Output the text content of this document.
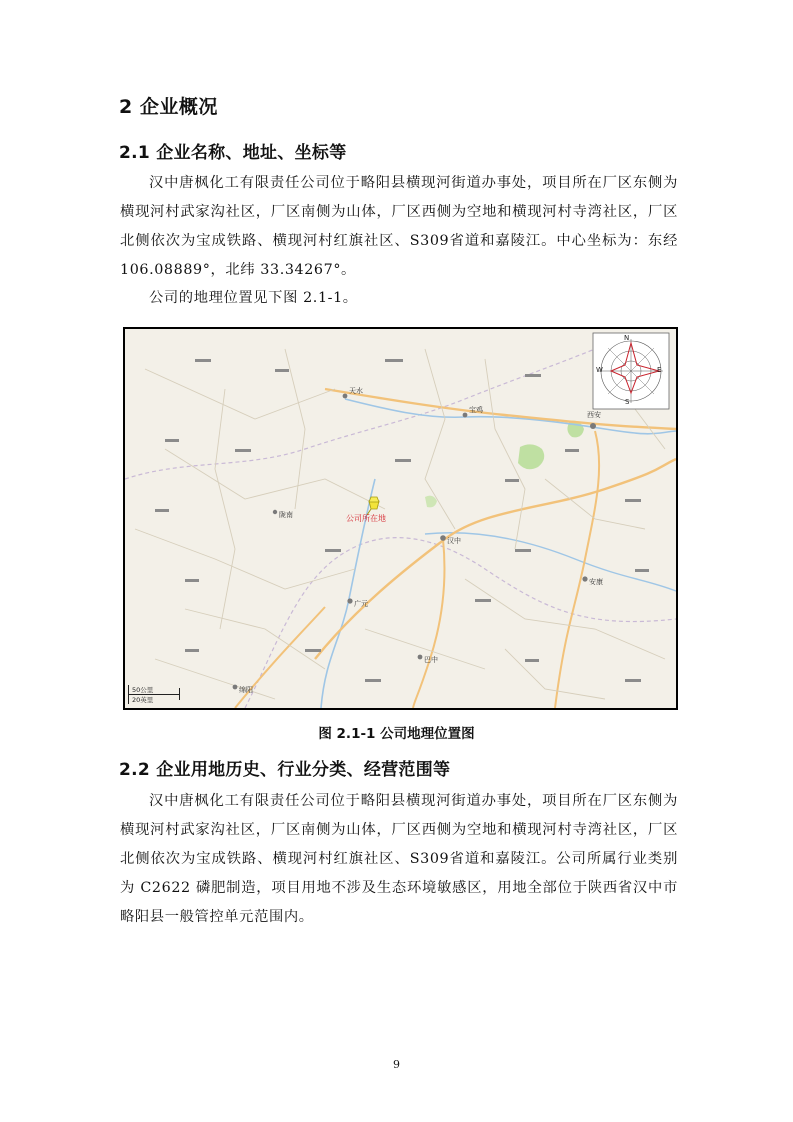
2 企业概况
2.1 企业名称、地址、坐标等
汉中唐枫化工有限责任公司位于略阳县横现河街道办事处，项目所在厂区东侧为横现河村武家沟社区，厂区南侧为山体，厂区西侧为空地和横现河村寺湾社区，厂区北侧依次为宝成铁路、横现河村红旗社区、S309省道和嘉陵江。中心坐标为：东经 106.08889°，北纬 33.34267°。
公司的地理位置见下图 2.1-1。
天水
宝鸡
西安
汉中
安康
广元
巴中
陇南
绵阳
公司所在地
N
S
E
W
50公里
20英里
图 2.1-1 公司地理位置图
2.2 企业用地历史、行业分类、经营范围等
汉中唐枫化工有限责任公司位于略阳县横现河街道办事处，项目所在厂区东侧为横现河村武家沟社区，厂区南侧为山体，厂区西侧为空地和横现河村寺湾社区，厂区北侧依次为宝成铁路、横现河村红旗社区、S309省道和嘉陵江。公司所属行业类别为 C2622 磷肥制造，项目用地不涉及生态环境敏感区，用地全部位于陕西省汉中市略阳县一般管控单元范围内。
9
